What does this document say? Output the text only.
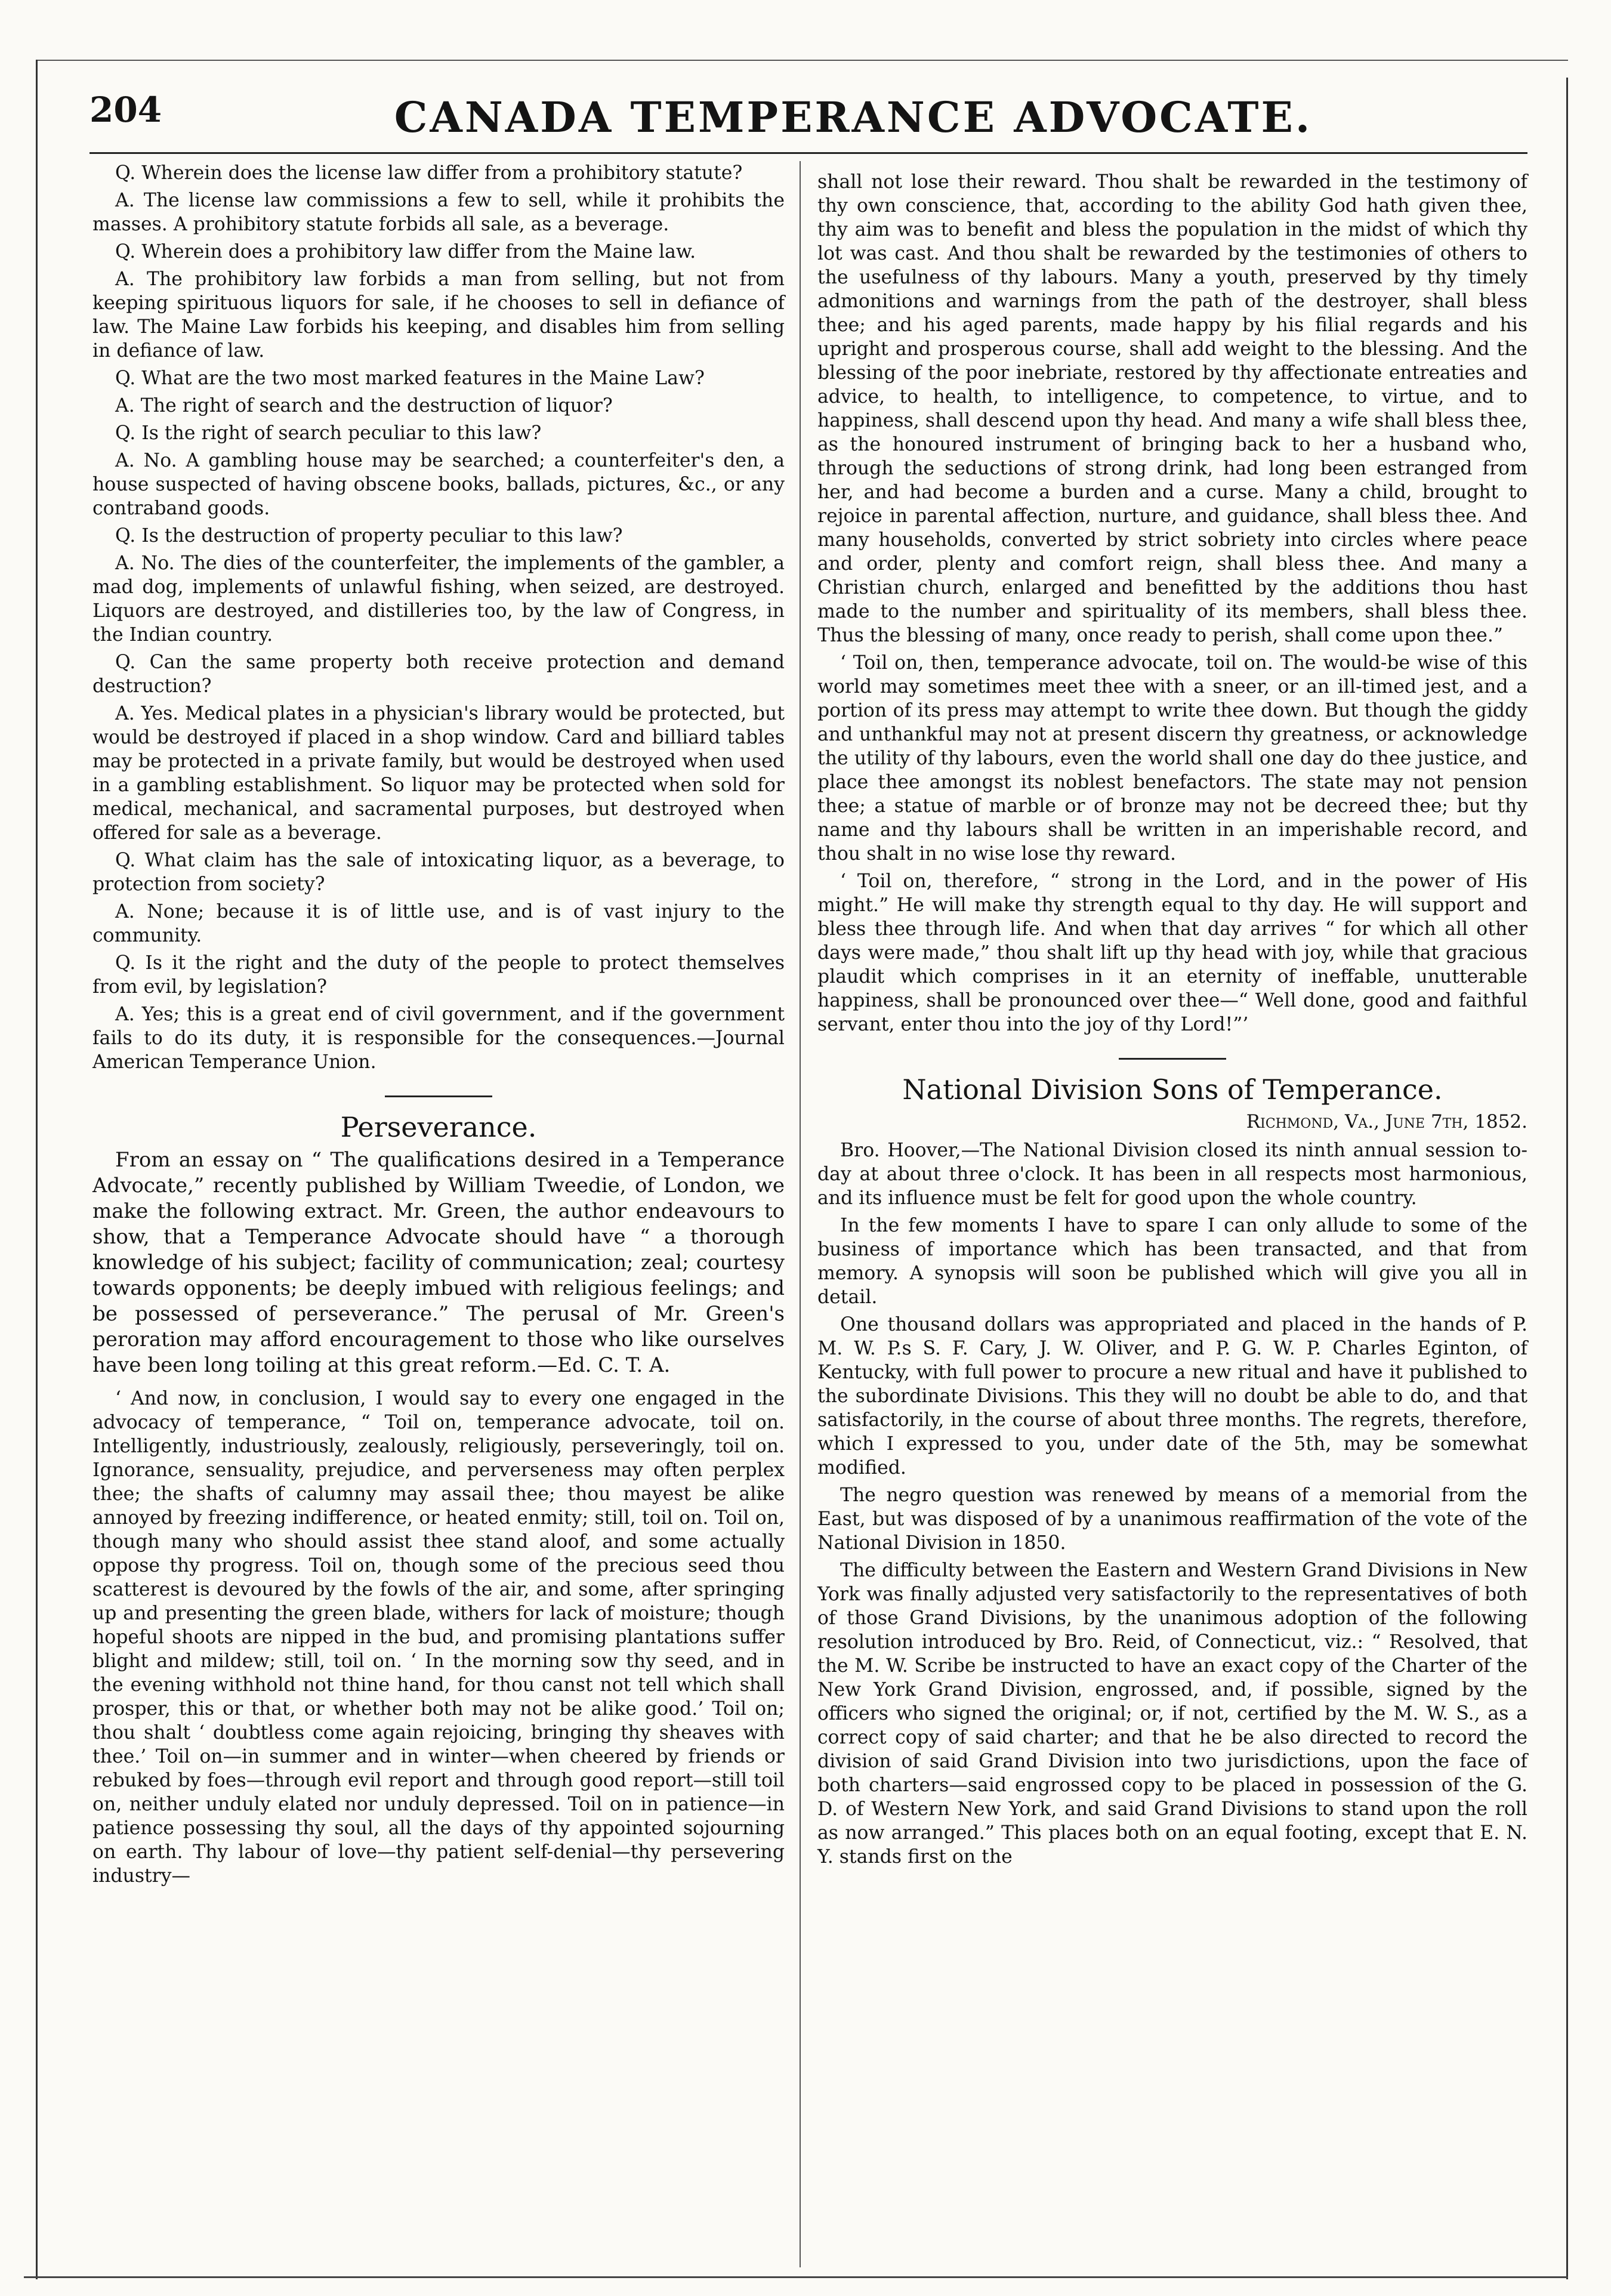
204	CANADA TEMPERANCE ADVOCATE.

Q. Wherein does the license law differ from a prohibitory statute?

A. The license law commissions a few to sell, while it prohibits the masses. A prohibitory statute forbids all sale, as a beverage.

Q. Wherein does a prohibitory law differ from the Maine law.

A. The prohibitory law forbids a man from selling, but not from keeping spirituous liquors for sale, if he chooses to sell in defiance of law. The Maine Law forbids his keeping, and disables him from selling in defiance of law.

Q. What are the two most marked features in the Maine Law?

A. The right of search and the destruction of liquor?

Q. Is the right of search peculiar to this law?

A. No. A gambling house may be searched; a counterfeiter's den, a house suspected of having obscene books, ballads, pictures, &c., or any contraband goods.

Q. Is the destruction of property peculiar to this law?

A. No. The dies of the counterfeiter, the implements of the gambler, a mad dog, implements of unlawful fishing, when seized, are destroyed. Liquors are destroyed, and distilleries too, by the law of Congress, in the Indian country.

Q. Can the same property both receive protection and demand destruction?

A. Yes. Medical plates in a physician's library would be protected, but would be destroyed if placed in a shop window. Card and billiard tables may be protected in a private family, but would be destroyed when used in a gambling establishment. So liquor may be protected when sold for medical, mechanical, and sacramental purposes, but destroyed when offered for sale as a beverage.

Q. What claim has the sale of intoxicating liquor, as a beverage, to protection from society?

A. None; because it is of little use, and is of vast injury to the community.

Q. Is it the right and the duty of the people to protect themselves from evil, by legislation?

A. Yes; this is a great end of civil government, and if the government fails to do its duty, it is responsible for the consequences.—Journal American Temperance Union.

Perseverance.

From an essay on “ The qualifications desired in a Temperance Advocate,” recently published by William Tweedie, of London, we make the following extract. Mr. Green, the author endeavours to show, that a Temperance Advocate should have “ a thorough knowledge of his subject; facility of communication; zeal; courtesy towards opponents; be deeply imbued with religious feelings; and be possessed of perseverance.” The perusal of Mr. Green's peroration may afford encouragement to those who like ourselves have been long toiling at this great reform.—Ed. C. T. A.

‘ And now, in conclusion, I would say to every one engaged in the advocacy of temperance, “ Toil on, temperance advocate, toil on. Intelligently, industriously, zealously, religiously, perseveringly, toil on. Ignorance, sensuality, prejudice, and perverseness may often perplex thee; the shafts of calumny may assail thee; thou mayest be alike annoyed by freezing indifference, or heated enmity; still, toil on. Toil on, though many who should assist thee stand aloof, and some actually oppose thy progress. Toil on, though some of the precious seed thou scatterest is devoured by the fowls of the air, and some, after springing up and presenting the green blade, withers for lack of moisture; though hopeful shoots are nipped in the bud, and promising plantations suffer blight and mildew; still, toil on. ‘ In the morning sow thy seed, and in the evening withhold not thine hand, for thou canst not tell which shall prosper, this or that, or whether both may not be alike good.’ Toil on; thou shalt ‘ doubtless come again rejoicing, bringing thy sheaves with thee.’ Toil on—in summer and in winter—when cheered by friends or rebuked by foes—through evil report and through good report—still toil on, neither unduly elated nor unduly depressed. Toil on in patience—in patience possessing thy soul, all the days of thy appointed sojourning on earth. Thy labour of love—thy patient self-denial—thy persevering industry—

shall not lose their reward. Thou shalt be rewarded in the testimony of thy own conscience, that, according to the ability God hath given thee, thy aim was to benefit and bless the population in the midst of which thy lot was cast. And thou shalt be rewarded by the testimonies of others to the usefulness of thy labours. Many a youth, preserved by thy timely admonitions and warnings from the path of the destroyer, shall bless thee; and his aged parents, made happy by his filial regards and his upright and prosperous course, shall add weight to the blessing. And the blessing of the poor inebriate, restored by thy affectionate entreaties and advice, to health, to intelligence, to competence, to virtue, and to happiness, shall descend upon thy head. And many a wife shall bless thee, as the honoured instrument of bringing back to her a husband who, through the seductions of strong drink, had long been estranged from her, and had become a burden and a curse. Many a child, brought to rejoice in parental affection, nurture, and guidance, shall bless thee. And many households, converted by strict sobriety into circles where peace and order, plenty and comfort reign, shall bless thee. And many a Christian church, enlarged and benefitted by the additions thou hast made to the number and spirituality of its members, shall bless thee. Thus the blessing of many, once ready to perish, shall come upon thee.”

‘ Toil on, then, temperance advocate, toil on. The would-be wise of this world may sometimes meet thee with a sneer, or an ill-timed jest, and a portion of its press may attempt to write thee down. But though the giddy and unthankful may not at present discern thy greatness, or acknowledge the utility of thy labours, even the world shall one day do thee justice, and place thee amongst its noblest benefactors. The state may not pension thee; a statue of marble or of bronze may not be decreed thee; but thy name and thy labours shall be written in an imperishable record, and thou shalt in no wise lose thy reward.

‘ Toil on, therefore, “ strong in the Lord, and in the power of His might.” He will make thy strength equal to thy day. He will support and bless thee through life. And when that day arrives “ for which all other days were made,” thou shalt lift up thy head with joy, while that gracious plaudit which comprises in it an eternity of ineffable, unutterable happiness, shall be pronounced over thee—“ Well done, good and faithful servant, enter thou into the joy of thy Lord!”’

National Division Sons of Temperance.
Richmond, Va., June 7th, 1852.

Bro. Hoover,—The National Division closed its ninth annual session to-day at about three o'clock. It has been in all respects most harmonious, and its influence must be felt for good upon the whole country.

In the few moments I have to spare I can only allude to some of the business of importance which has been transacted, and that from memory. A synopsis will soon be published which will give you all in detail.

One thousand dollars was appropriated and placed in the hands of P. M. W. P.s S. F. Cary, J. W. Oliver, and P. G. W. P. Charles Eginton, of Kentucky, with full power to procure a new ritual and have it published to the subordinate Divisions. This they will no doubt be able to do, and that satisfactorily, in the course of about three months. The regrets, therefore, which I expressed to you, under date of the 5th, may be somewhat modified.

The negro question was renewed by means of a memorial from the East, but was disposed of by a unanimous reaffirmation of the vote of the National Division in 1850.

The difficulty between the Eastern and Western Grand Divisions in New York was finally adjusted very satisfactorily to the representatives of both of those Grand Divisions, by the unanimous adoption of the following resolution introduced by Bro. Reid, of Connecticut, viz.: “ Resolved, that the M. W. Scribe be instructed to have an exact copy of the Charter of the New York Grand Division, engrossed, and, if possible, signed by the officers who signed the original; or, if not, certified by the M. W. S., as a correct copy of said charter; and that he be also directed to record the division of said Grand Division into two jurisdictions, upon the face of both charters—said engrossed copy to be placed in possession of the G. D. of Western New York, and said Grand Divisions to stand upon the roll as now arranged.” This places both on an equal footing, except that E. N. Y. stands first on the
